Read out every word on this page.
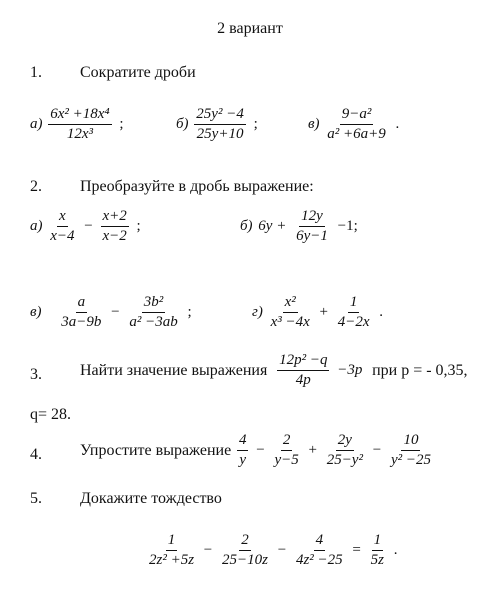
2 вариант
1. Сократите дроби
$а) \frac{\text{6x² +18x⁴}}{\text{12x³}}$ ;	$б) \frac{\text{25y² −4}}{25y+10}$ ;	$в) \frac{\text{9−a²}}{\text{a² +6a+9}}$ .
2. Преобразуйте в дробь выражение:
$а) \frac{x}{x-4} - \frac{x+2}{x-2}$ ;	б) $6y + \frac{12y}{6y-1} -1$;
$в) \frac{a}{3a-9b} - \frac{\text{3b²}}{\text{a² −3ab}}$ ;	$г) \frac{\text{x²}}{\text{x³ −4x}} + \frac{1}{4-2x}$ .
3. Найти значение выражения $\frac{\text{12p² −q}}{4p} -3p$ при р = - 0,35,
q= 28.
4. Упростите выражение $\frac{4}{y} - \frac{2}{y-5} + \frac{2y}{\text{25−y²}} - \frac{10}{\text{y² −25}}$
5. Докажите тождество
$\frac{1}{\text{2z² +5z}} - \frac{2}{25-10z} - \frac{4}{\text{4z² −25}} = \frac{1}{5z}$ .
